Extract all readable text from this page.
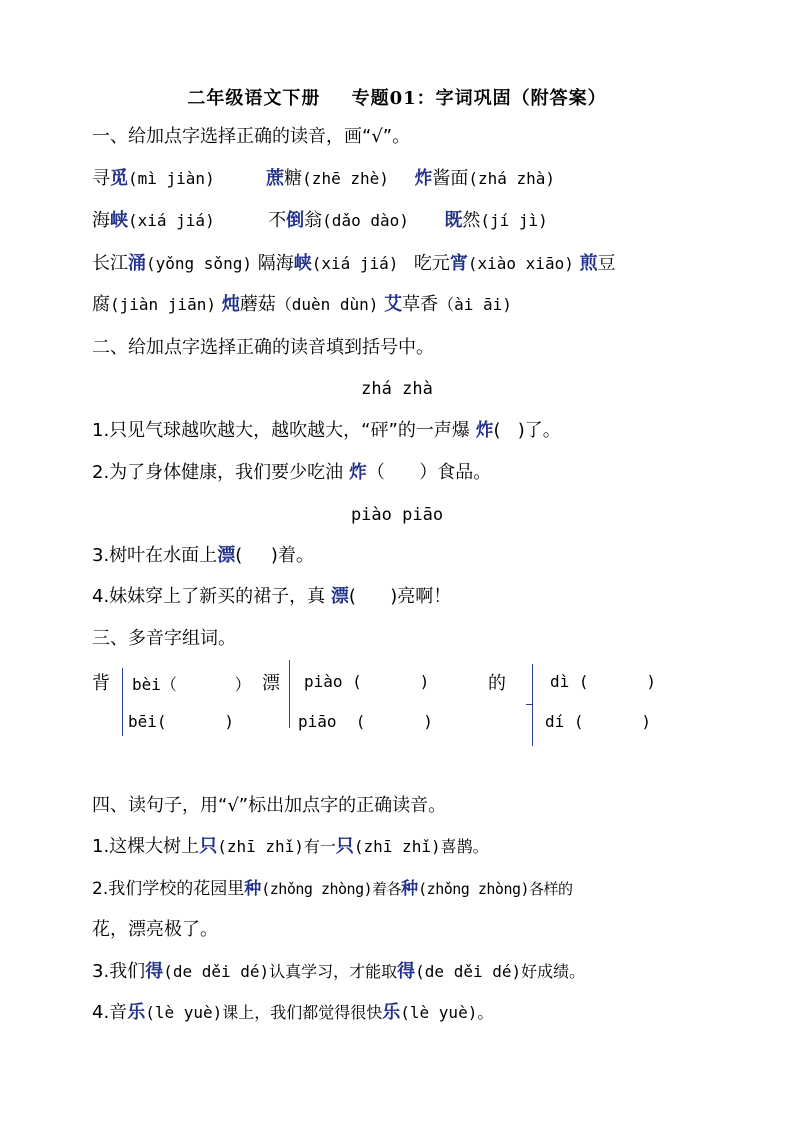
二年级语文下册 专题01：字词巩固（附答案）
一、给加点字选择正确的读音，画“√”。
寻觅(mì jiàn)	蔗糖(zhē zhè) 炸酱面(zhá zhà)
海峡(xiá jiá)	不倒翁(dǎo dào) 既然(jí jì)
长江涌(yǒng sǒng) 隔海峡(xiá jiá) 吃元宵(xiào xiāo) 煎豆
腐(jiàn jiān) 炖蘑菇（duèn dùn) 艾草香（ài āi)
二、给加点字选择正确的读音填到括号中。
zhá zhà
1.只见气球越吹越大，越吹越大，“砰”的一声爆 炸(   )了。
2.为了身体健康，我们要少吃油 炸（      ）食品。
piào piāo
3.树叶在水面上漂(     )着。
4.妹妹穿上了新买的裙子，真 漂(      )亮啊！
三、多音字组词。
背 bèi（      ）
bēi(      )
漂 piào (      )
piāo  (      )
的	dì (      )
dí (      )
四、读句子，用“√”标出加点字的正确读音。
1.这棵大树上只(zhī zhǐ)有一只(zhī zhǐ)喜鹊。
2.我们学校的花园里种(zhǒng zhòng)着各种(zhǒng zhòng)各样的
花，漂亮极了。
3.我们得(de děi dé)认真学习，才能取得(de děi dé)好成绩。
4.音乐(lè yuè)课上，我们都觉得很快乐(lè yuè)。
